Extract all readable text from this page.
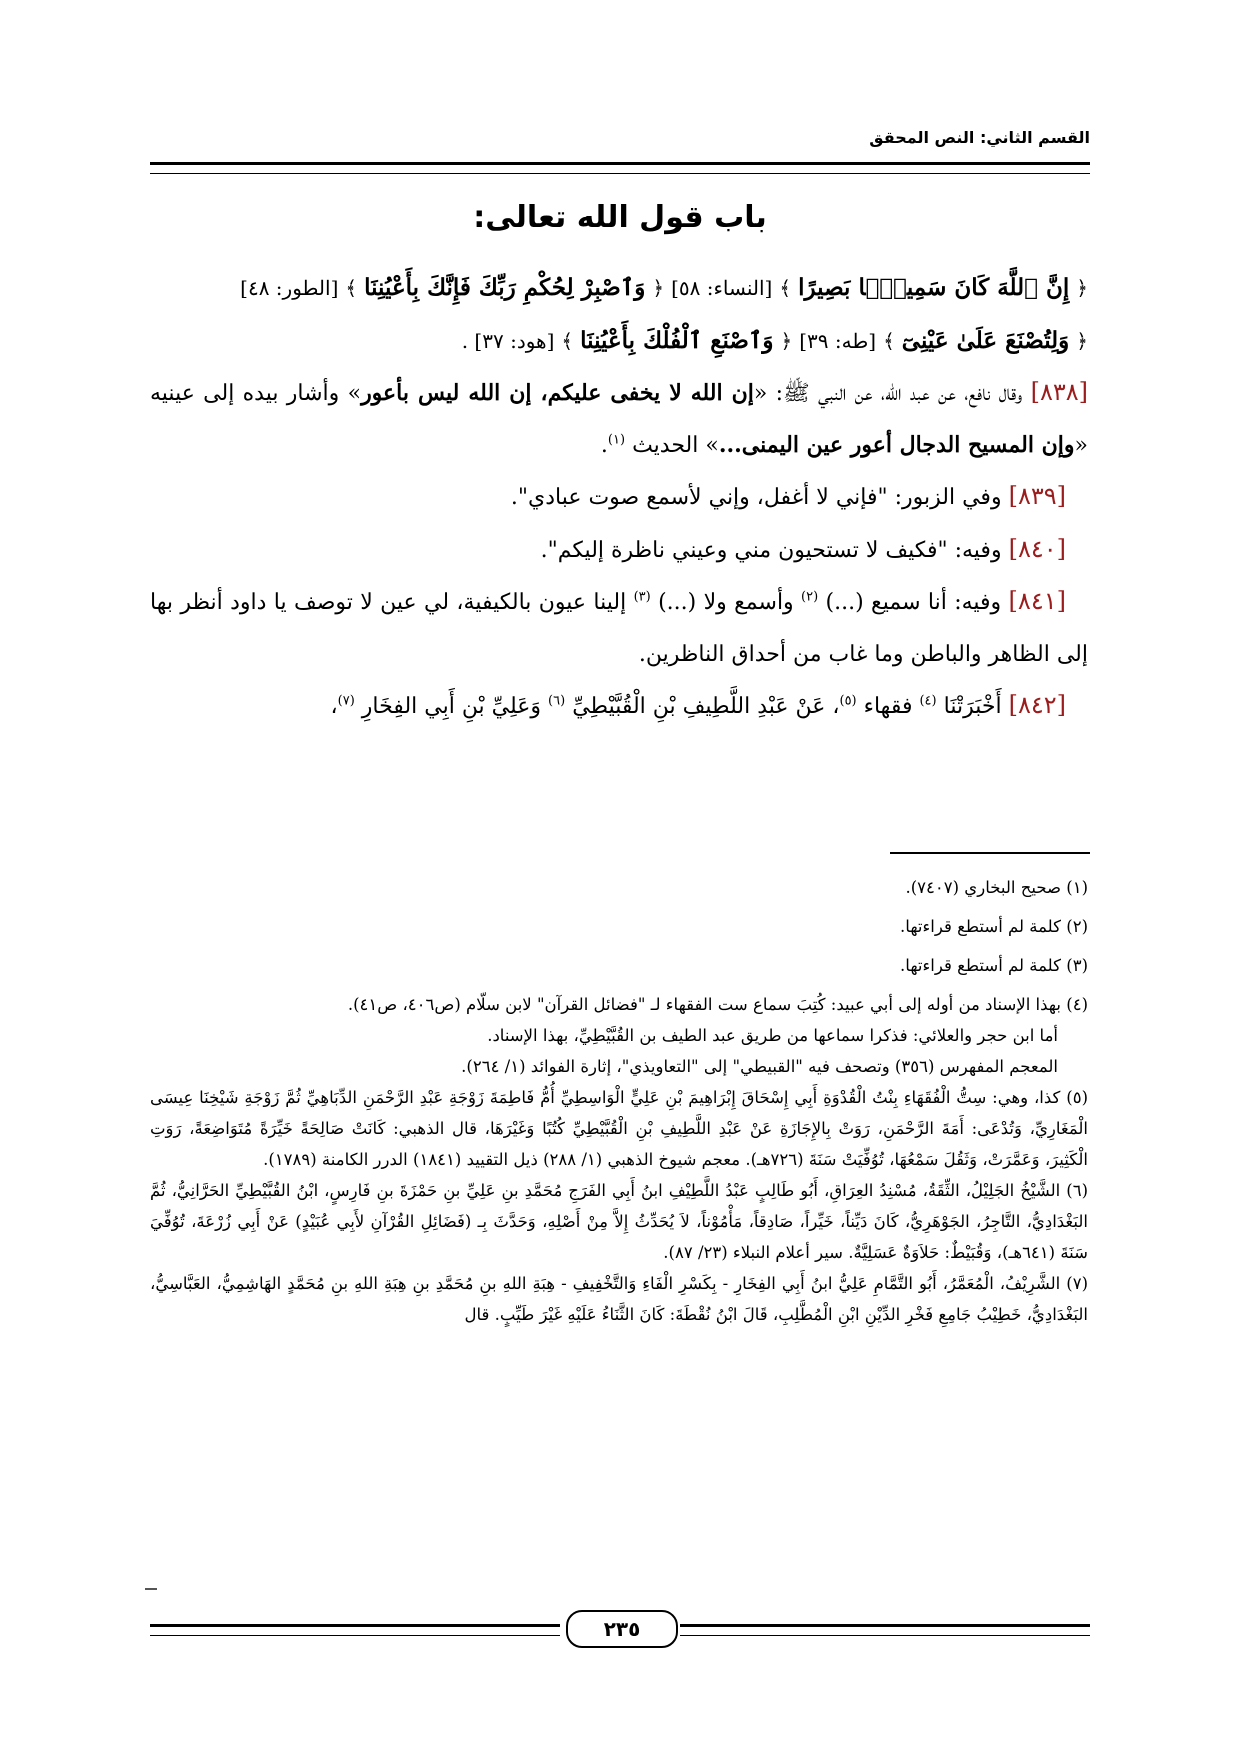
القسم الثاني: النص المحقق
باب قول الله تعالى:

﴿ إِنَّ ٱللَّهَ كَانَ سَمِيعًۢا بَصِيرًا ﴾ [النساء: ٥٨] ﴿ وَٱصْبِرْ لِحُكْمِ رَبِّكَ فَإِنَّكَ بِأَعْيُنِنَا ﴾ [الطور: ٤٨]

﴿ وَلِتُصْنَعَ عَلَىٰ عَيْنِىٓ ﴾ [طه: ٣٩] ﴿ وَٱصْنَعِ ٱلْفُلْكَ بِأَعْيُنِنَا ﴾ [هود: ٣٧] .

[٨٣٨] وقال نافع، عن عبد الله، عن النبي ﷺ: «إن الله لا يخفى عليكم، إن الله ليس بأعور» وأشار بيده إلى عينيه «وإن المسيح الدجال أعور عين اليمنى...» الحديث $^{(١)}$.

[٨٣٩] وفي الزبور: "فإني لا أغفل، وإني لأسمع صوت عبادي".

[٨٤٠] وفيه: "فكيف لا تستحيون مني وعيني ناظرة إليكم".

[٨٤١] وفيه: أنا سميع (...) $^{(٢)}$ وأسمع ولا (...) $^{(٣)}$ إلينا عيون بالكيفية، لي عين لا توصف يا داود أنظر بها إلى الظاهر والباطن وما غاب من أحداق الناظرين.

[٨٤٢] أَخْبَرَتْنَا $^{(٤)}$ فقهاء $^{(٥)}$، عَنْ عَبْدِ اللَّطِيفِ بْنِ الْقُبَّيْطِيِّ $^{(٦)}$ وَعَلِيِّ بْنِ أَبِي الفِخَارِ $^{(٧)}$،

(١) صحيح البخاري (٧٤٠٧).

(٢) كلمة لم أستطع قراءتها.

(٣) كلمة لم أستطع قراءتها.

(٤) بهذا الإسناد من أوله إلى أبي عبيد: كُتِبَ سماع ست الفقهاء لـ "فضائل القرآن" لابن سلّام (ص٤٠٦، ص٤١).

أما ابن حجر والعلائي: فذكرا سماعها من طريق عبد الطيف بن القُبَّيْطِيِّ، بهذا الإسناد.

المعجم المفهرس (٣٥٦) وتصحف فيه "القبيطي" إلى "التعاويذي"، إثارة الفوائد (١/ ٢٦٤).

(٥) كذا، وهي: سِتُّ الْفُقَهَاءِ بِنْتُ الْقُدْوَةِ أَبِي إِسْحَاقَ إِبْرَاهِيمَ بْنِ عَلِيٍّ الْوَاسِطِيِّ أُمُّ فَاطِمَةَ زَوْجَةِ عَبْدِ الرَّحْمَنِ الدِّبَاهِيِّ ثُمَّ زَوْجَةِ شَيْخِنَا عِيسَى الْمَغَارِيِّ، وَتُدْعَى: أَمَةَ الرَّحْمَنِ، رَوَتْ بِالإِجَازَةِ عَنْ عَبْدِ اللَّطِيفِ بْنِ الْقُبَّيْطِيِّ كُتُبًا وَغَيْرَهَا، قال الذهبي: كَانَتْ صَالِحَةً خَيِّرَةً مُتَوَاضِعَةً، رَوَتِ الْكَثِيرَ، وَعَمَّرَتْ، وَثَقُلَ سَمْعُهَا، تُوُفِّيَتْ سَنَةَ (٧٢٦هـ). معجم شيوخ الذهبي (١/ ٢٨٨) ذيل التقييد (١٨٤١) الدرر الكامنة (١٧٨٩).

(٦) الشَّيْخُ الجَلِيْلُ، الثِّقَةُ، مُسْنِدُ العِرَاقِ، أَبُو طَالِبٍ عَبْدُ اللَّطِيْفِ ابنُ أَبِي الفَرَجِ مُحَمَّدِ بنِ عَلِيِّ بنِ حَمْزَةَ بنِ فَارِسٍ، ابْنُ القُبَّيْطِيِّ الحَرَّانِيُّ، ثُمَّ البَغْدَادِيُّ، التَّاجِرُ، الجَوْهَرِيُّ، كَانَ دَيِّناً، خَيِّراً، صَادِقاً، مَأْمُوْناً، لاَ يُحَدِّثُ إِلاَّ مِنْ أَصْلِهِ، وَحَدَّثَ بِـ (فَضَائِلِ القُرْآنِ لأَبِي عُبَيْدٍ) عَنْ أَبِي زُرْعَةَ، تُوُفِّيَ سَنَةَ (٦٤١هـ)، وَقُبَيْطٌ: حَلاَوَةٌ عَسَلِيَّةٌ. سير أعلام النبلاء (٢٣/ ٨٧).

(٧) الشَّرِيْفُ، الْمُعَمَّرُ، أَبُو التَّمَّامِ عَلِيُّ ابنُ أَبِي الفِخَارِ - بِكَسْرِ الْفَاءِ وَالتَّخْفِيفِ - هِبَةِ اللهِ بنِ مُحَمَّدِ بنِ هِبَةِ اللهِ بنِ مُحَمَّدٍ الهَاشِمِيُّ، العَبَّاسِيُّ، البَغْدَادِيُّ، خَطِيْبُ جَامِعِ فَخْرِ الدِّيْنِ ابْنِ الْمُطَّلِبِ، قَالَ ابْنُ نُقْطَةَ: كَانَ الثَّنَاءُ عَلَيْهِ غَيْرَ طَيِّبٍ. قال

٢٣٥
